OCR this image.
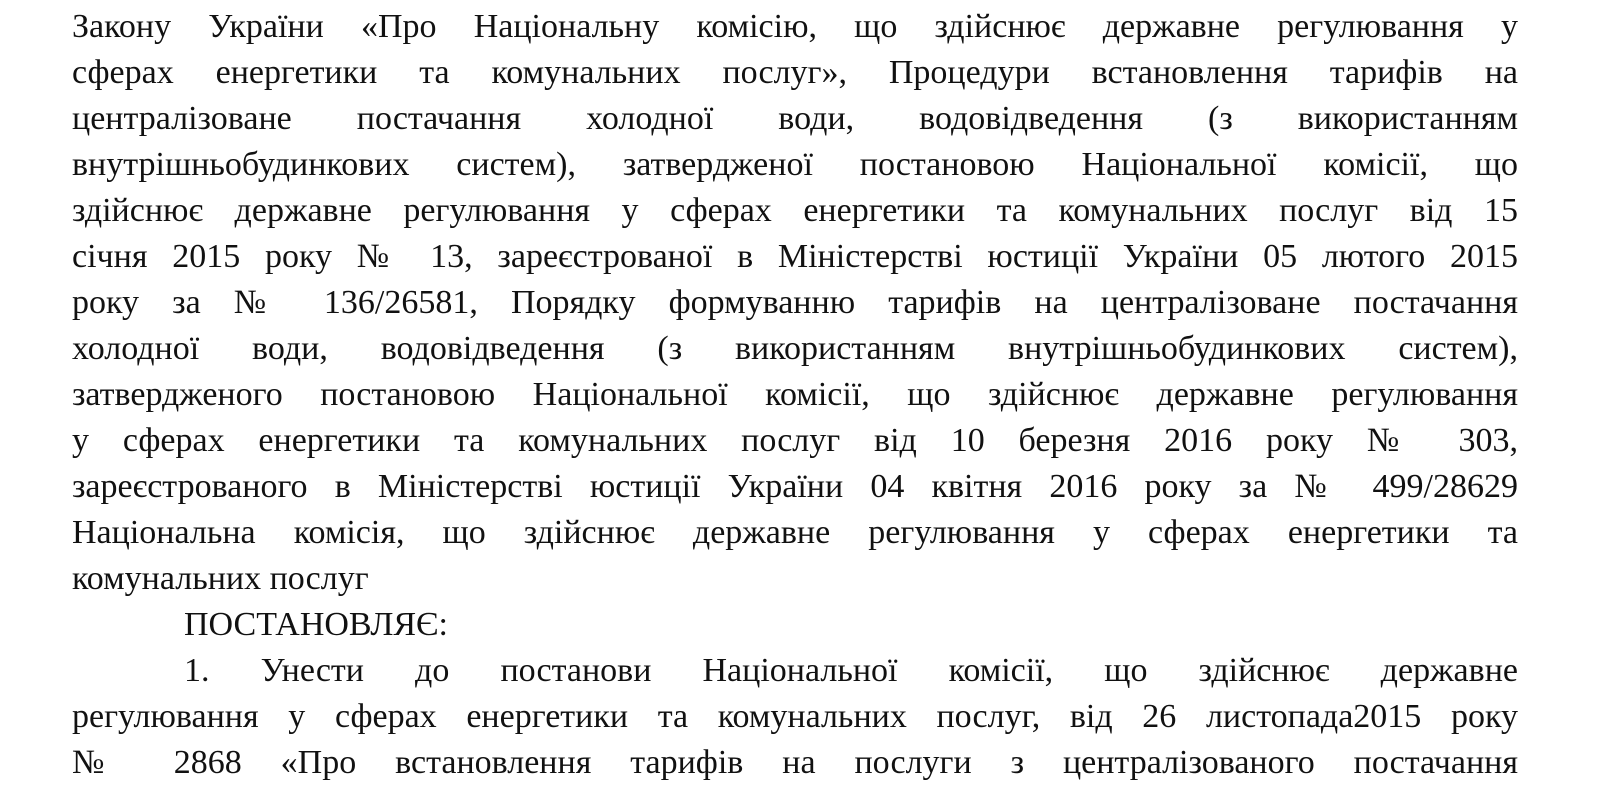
Закону України «Про Національну комісію, що здійснює державне регулювання у
сферах енергетики та комунальних послуг», Процедури встановлення тарифів на
централізоване постачання холодної води, водовідведення (з використанням
внутрішньобудинкових систем), затвердженої постановою Національної комісії, що
здійснює державне регулювання у сферах енергетики та комунальних послуг від 15
січня 2015 року № 13, зареєстрованої в Міністерстві юстиції України 05 лютого 2015
року за № 136/26581, Порядку формуванню тарифів на централізоване постачання
холодної води, водовідведення (з використанням внутрішньобудинкових систем),
затвердженого постановою Національної комісії, що здійснює державне регулювання
у сферах енергетики та комунальних послуг від 10 березня 2016 року № 303,
зареєстрованого в Міністерстві юстиції України 04 квітня 2016 року за № 499/28629
Національна комісія, що здійснює державне регулювання у сферах енергетики та
комунальних послуг
ПОСТАНОВЛЯЄ:
1. Унести до постанови Національної комісії, що здійснює державне
регулювання у сферах енергетики та комунальних послуг, від 26 листопада2015 року
№ 2868 «Про встановлення тарифів на послуги з централізованого постачання
